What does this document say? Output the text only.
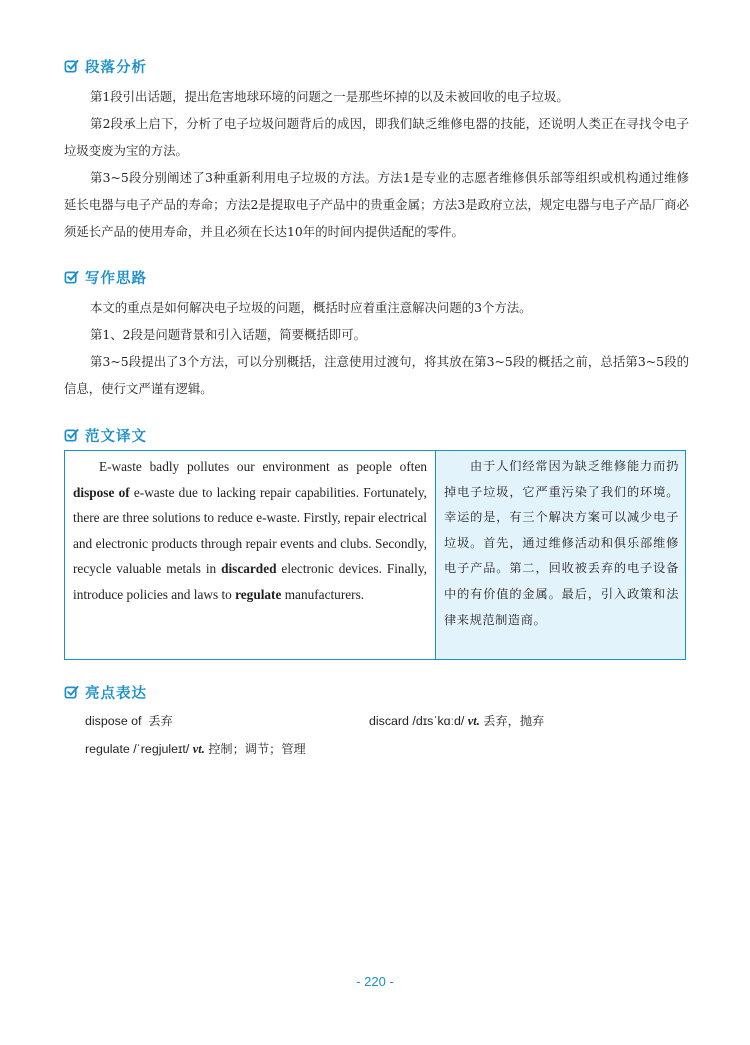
段落分析

第1段引出话题，提出危害地球环境的问题之一是那些坏掉的以及未被回收的电子垃圾。

第2段承上启下，分析了电子垃圾问题背后的成因，即我们缺乏维修电器的技能，还说明人类正在寻找令电子垃圾变废为宝的方法。

第3~5段分别阐述了3种重新利用电子垃圾的方法。方法1是专业的志愿者维修俱乐部等组织或机构通过维修延长电器与电子产品的寿命；方法2是提取电子产品中的贵重金属；方法3是政府立法，规定电器与电子产品厂商必须延长产品的使用寿命，并且必须在长达10年的时间内提供适配的零件。

写作思路

本文的重点是如何解决电子垃圾的问题，概括时应着重注意解决问题的3个方法。

第1、2段是问题背景和引入话题，简要概括即可。

第3~5段提出了3个方法，可以分别概括，注意使用过渡句，将其放在第3~5段的概括之前，总括第3~5段的信息，使行文严谨有逻辑。

范文译文
E-waste badly pollutes our environment as people often dispose of e-waste due to lacking repair capabilities. Fortunately, there are three solutions to reduce e-waste. Firstly, repair electrical and electronic products through repair events and clubs. Secondly, recycle valuable metals in discarded electronic devices. Finally, introduce policies and laws to regulate manufacturers.
由于人们经常因为缺乏维修能力而扔掉电子垃圾，它严重污染了我们的环境。幸运的是，有三个解决方案可以减少电子垃圾。首先，通过维修活动和俱乐部维修电子产品。第二，回收被丢弃的电子设备中的有价值的金属。最后，引入政策和法律来规范制造商。
亮点表达
dispose of 丢弃	discard /dɪsˈkɑːd/ vt. 丢弃，抛弃
regulate /ˈreɡjuleɪt/ vt. 控制；调节；管理
- 220 -
